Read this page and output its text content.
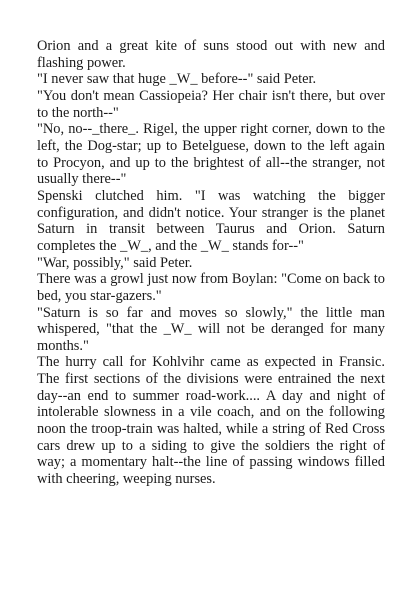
Orion and a great kite of suns stood out with new and flashing power.

"I never saw that huge _W_ before--" said Peter.

"You don't mean Cassiopeia? Her chair isn't there, but over to the north--"

"No, no--_there_. Rigel, the upper right corner, down to the left, the Dog-star; up to Betelguese, down to the left again to Procyon, and up to the brightest of all--the stranger, not usually there--"

Spenski clutched him. "I was watching the bigger configuration, and didn't notice. Your stranger is the planet Saturn in transit between Taurus and Orion. Saturn completes the _W_, and the _W_ stands for--"

"War, possibly," said Peter.

There was a growl just now from Boylan: "Come on back to bed, you star-gazers."

"Saturn is so far and moves so slowly," the little man whispered, "that the _W_ will not be deranged for many months."

The hurry call for Kohlvihr came as expected in Fransic. The first sections of the divisions were entrained the next day--an end to summer road-work.... A day and night of intolerable slowness in a vile coach, and on the following noon the troop-train was halted, while a string of Red Cross cars drew up to a siding to give the soldiers the right of way; a momentary halt--the line of passing windows filled with cheering, weeping nurses.
